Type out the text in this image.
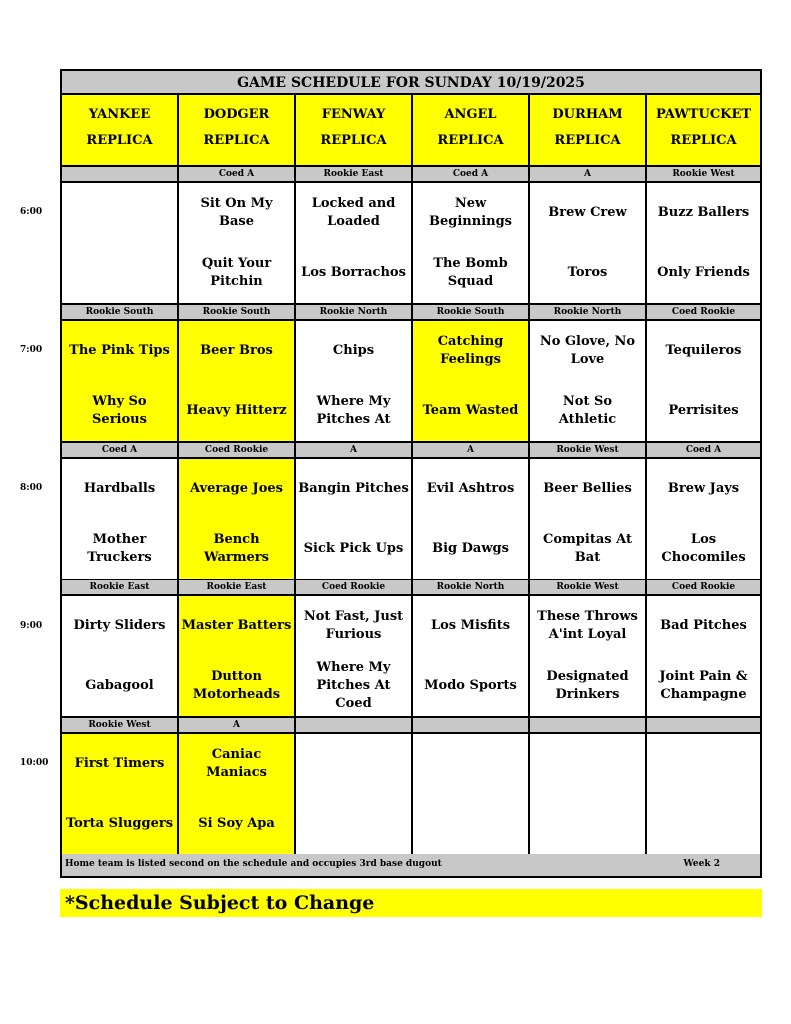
GAME SCHEDULE FOR SUNDAY 10/19/2025
Home team is listed second on the schedule and occupies 3rd base dugout	Week 2
YANKEE
REPLICA
DODGER
REPLICA
FENWAY
REPLICA
ANGEL
REPLICA
DURHAM
REPLICA
PAWTUCKET
REPLICA
Coed A
Sit On My Base
Quit Your Pitchin
Rookie East
Locked and Loaded
Los Borrachos
Coed A
New Beginnings
The Bomb Squad
A
Brew Crew
Toros
Rookie West
Buzz Ballers
Only Friends
Rookie South
The Pink Tips
Why So Serious
Rookie South
Beer Bros
Heavy Hitterz
Rookie North
Chips
Where My Pitches At
Rookie South
Catching Feelings
Team Wasted
Rookie North
No Glove, No Love
Not So Athletic
Coed Rookie
Tequileros
Perrisites
Coed A
Hardballs
Mother Truckers
Coed Rookie
Average Joes
Bench Warmers
A
Bangin Pitches
Sick Pick Ups
A
Evil Ashtros
Big Dawgs
Rookie West
Beer Bellies
Compitas At Bat
Coed A
Brew Jays
Los Chocomiles
Rookie East
Dirty Sliders
Gabagool
Rookie East
Master Batters
Dutton Motorheads
Coed Rookie
Not Fast, Just Furious
Where My Pitches At Coed
Rookie North
Los Misfits
Modo Sports
Rookie West
These Throws A'int Loyal
Designated Drinkers
Coed Rookie
Bad Pitches
Joint Pain & Champagne
Rookie West
First Timers
Torta Sluggers
A
Caniac Maniacs
Si Soy Apa
6:00
7:00
8:00
9:00
10:00
*Schedule Subject to Change
